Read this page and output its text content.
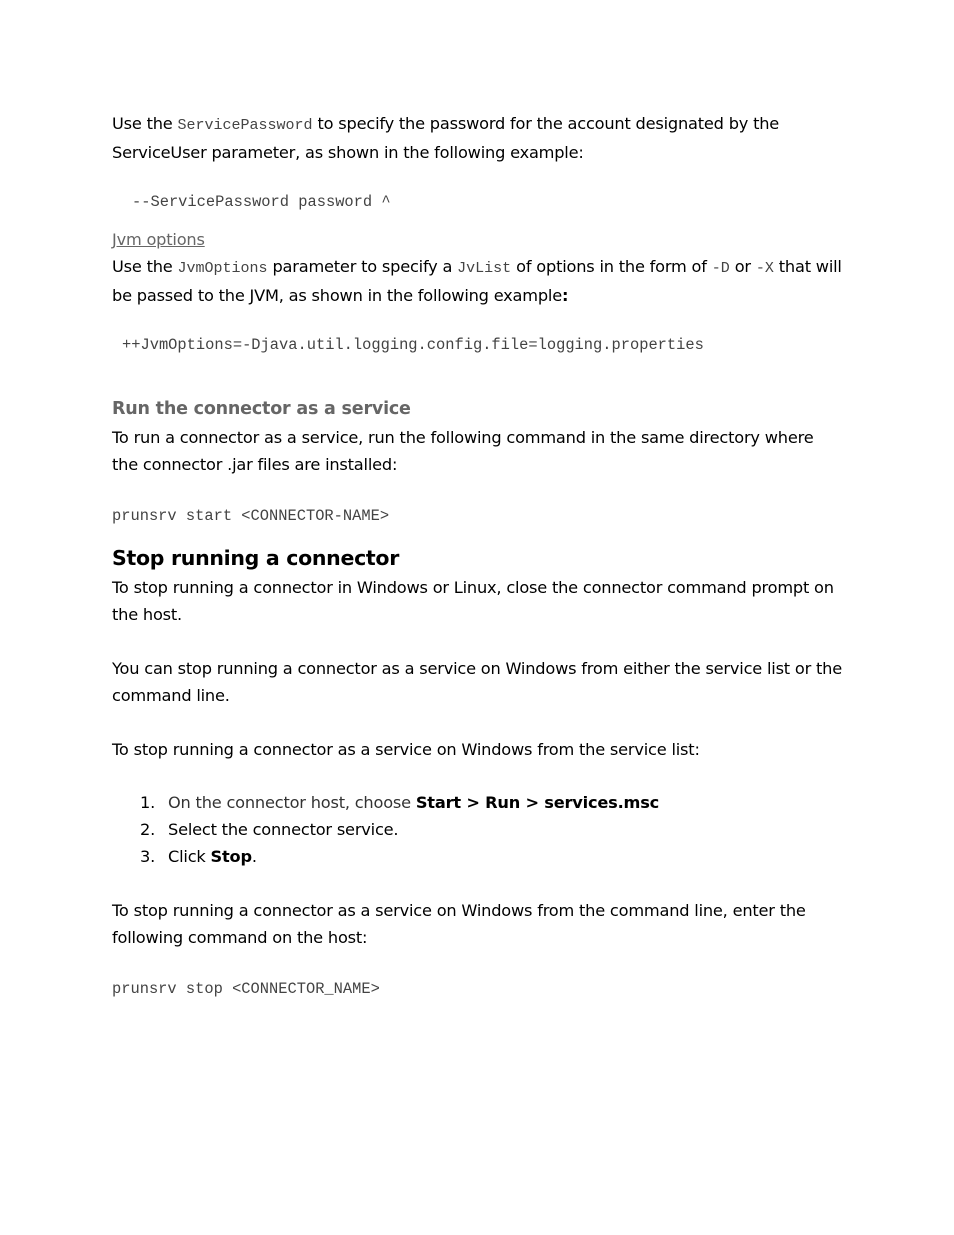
Use the ServicePassword to specify the password for the account designated by the ServiceUser parameter, as shown in the following example:
--ServicePassword password ^
Jvm options
Use the JvmOptions parameter to specify a JvList of options in the form of -D or -X that will be passed to the JVM, as shown in the following example:
++JvmOptions=-Djava.util.logging.config.file=logging.properties
Run the connector as a service
To run a connector as a service, run the following command in the same directory where the connector .jar files are installed:
prunsrv start <CONNECTOR-NAME>
Stop running a connector
To stop running a connector in Windows or Linux, close the connector command prompt on the host.
You can stop running a connector as a service on Windows from either the service list or the command line.
To stop running a connector as a service on Windows from the service list:
1. On the connector host, choose Start > Run > services.msc
2. Select the connector service.
3. Click Stop.
To stop running a connector as a service on Windows from the command line, enter the following command on the host:
prunsrv stop <CONNECTOR_NAME>
